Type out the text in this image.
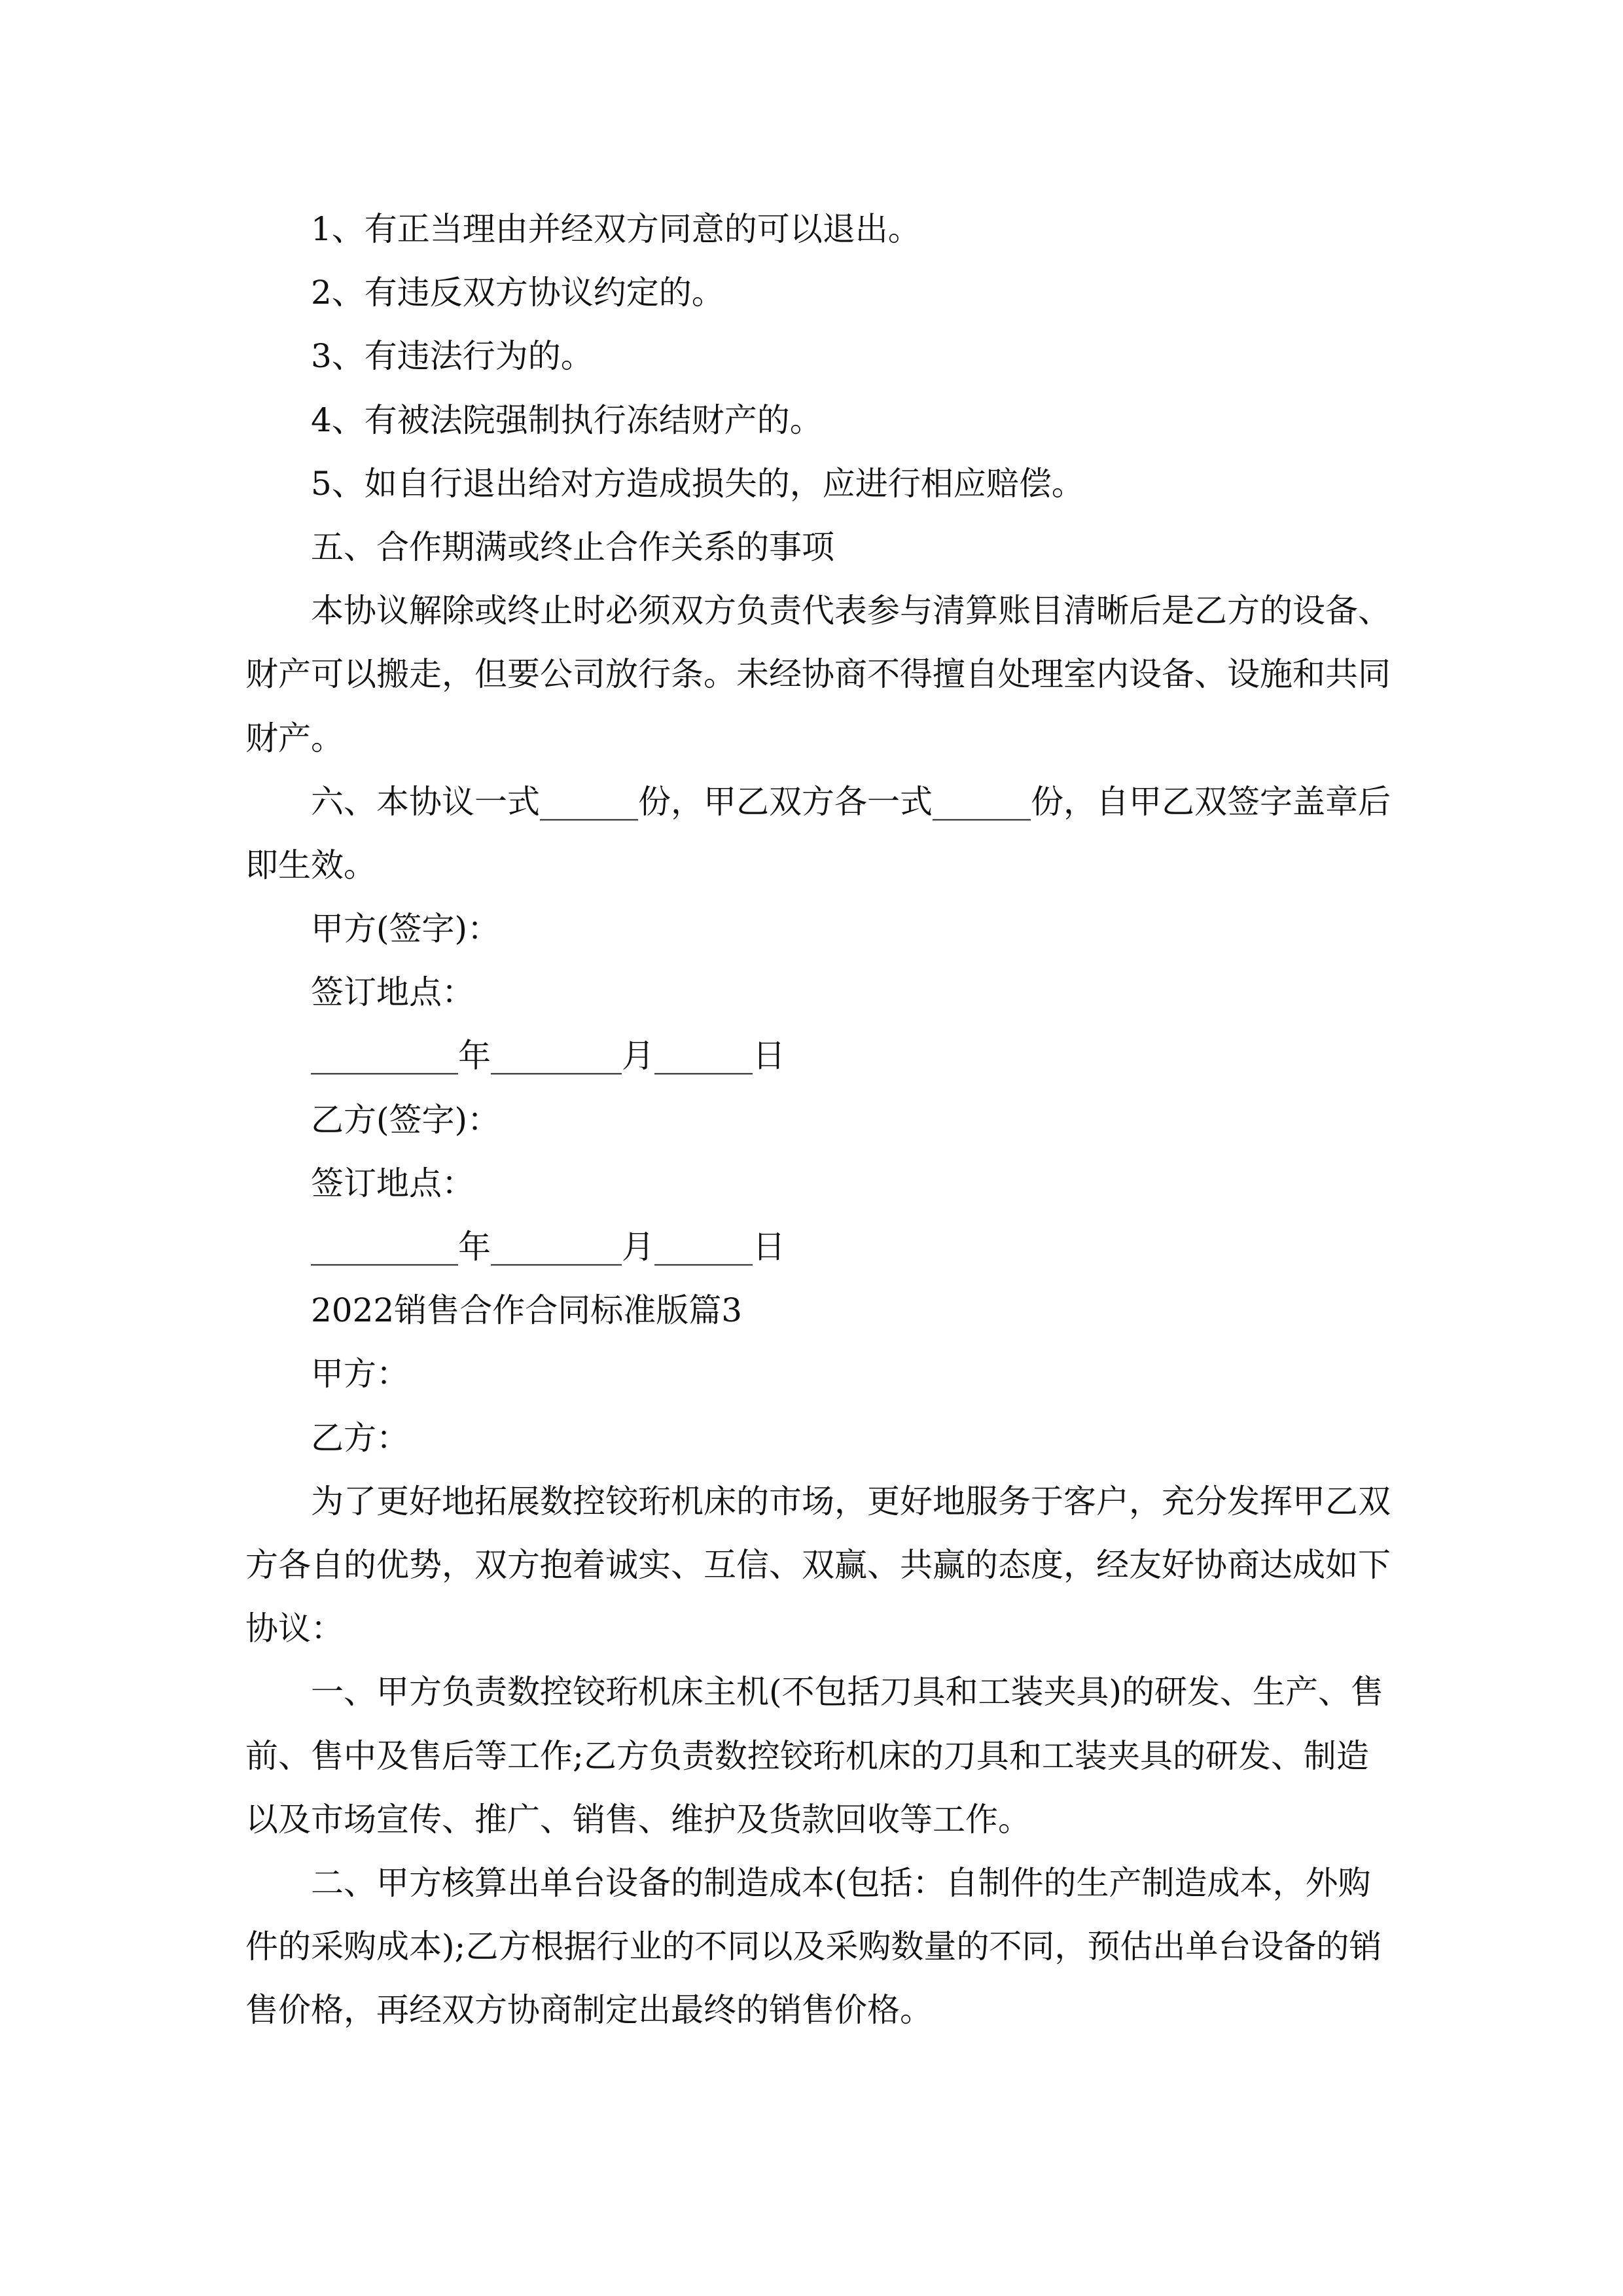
1、有正当理由并经双方同意的可以退出。
2、有违反双方协议约定的。
3、有违法行为的。
4、有被法院强制执行冻结财产的。
5、如自行退出给对方造成损失的，应进行相应赔偿。
五、合作期满或终止合作关系的事项
本协议解除或终止时必须双方负责代表参与清算账目清晰后是乙方的设备、
财产可以搬走，但要公司放行条。未经协商不得擅自处理室内设备、设施和共同
财产。
六、本协议一式______份，甲乙双方各一式______份，自甲乙双签字盖章后
即生效。
甲方(签字)：
签订地点：
_________年________月______日
乙方(签字)：
签订地点：
_________年________月______日
2022销售合作合同标准版篇3
甲方：
乙方：
为了更好地拓展数控铰珩机床的市场，更好地服务于客户，充分发挥甲乙双
方各自的优势，双方抱着诚实、互信、双赢、共赢的态度，经友好协商达成如下
协议：
一、甲方负责数控铰珩机床主机(不包括刀具和工装夹具)的研发、生产、售
前、售中及售后等工作;乙方负责数控铰珩机床的刀具和工装夹具的研发、制造
以及市场宣传、推广、销售、维护及货款回收等工作。
二、甲方核算出单台设备的制造成本(包括：自制件的生产制造成本，外购
件的采购成本);乙方根据行业的不同以及采购数量的不同，预估出单台设备的销
售价格，再经双方协商制定出最终的销售价格。
